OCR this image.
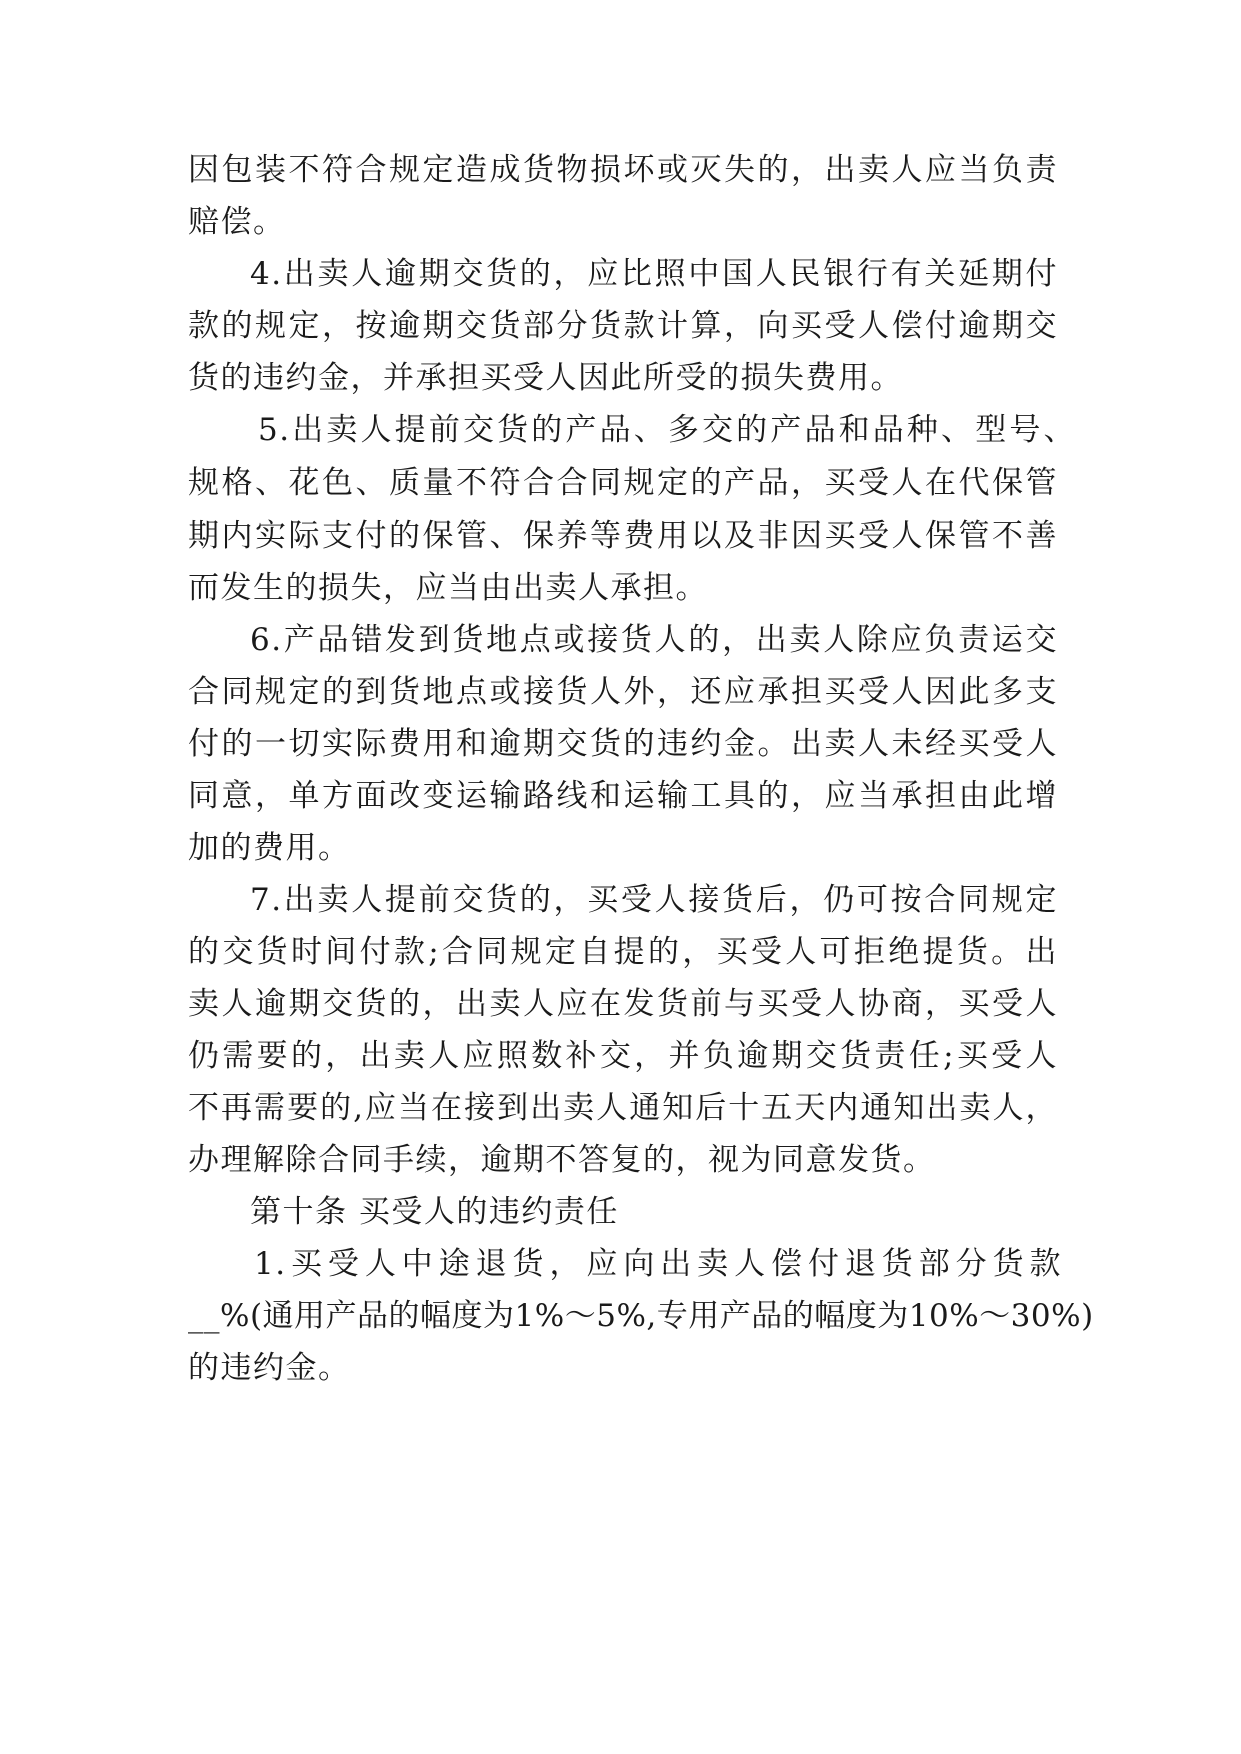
因包装不符合规定造成货物损坏或灭失的，出卖人应当负责
赔偿。
4.出卖人逾期交货的，应比照中国人民银行有关延期付
款的规定，按逾期交货部分货款计算，向买受人偿付逾期交
货的违约金，并承担买受人因此所受的损失费用。
5.出卖人提前交货的产品、多交的产品和品种、型号、
规格、花色、质量不符合合同规定的产品，买受人在代保管
期内实际支付的保管、保养等费用以及非因买受人保管不善
而发生的损失，应当由出卖人承担。
6.产品错发到货地点或接货人的，出卖人除应负责运交
合同规定的到货地点或接货人外，还应承担买受人因此多支
付的一切实际费用和逾期交货的违约金。出卖人未经买受人
同意，单方面改变运输路线和运输工具的，应当承担由此增
加的费用。
7.出卖人提前交货的，买受人接货后，仍可按合同规定
的交货时间付款;合同规定自提的，买受人可拒绝提货。出
卖人逾期交货的，出卖人应在发货前与买受人协商，买受人
仍需要的，出卖人应照数补交，并负逾期交货责任;买受人
不再需要的,应当在接到出卖人通知后十五天内通知出卖人，
办理解除合同手续，逾期不答复的，视为同意发货。
第十条 买受人的违约责任
1.买受人中途退货，应向出卖人偿付退货部分货款
__%(通用产品的幅度为1%～5%,专用产品的幅度为10%～30%)
的违约金。
